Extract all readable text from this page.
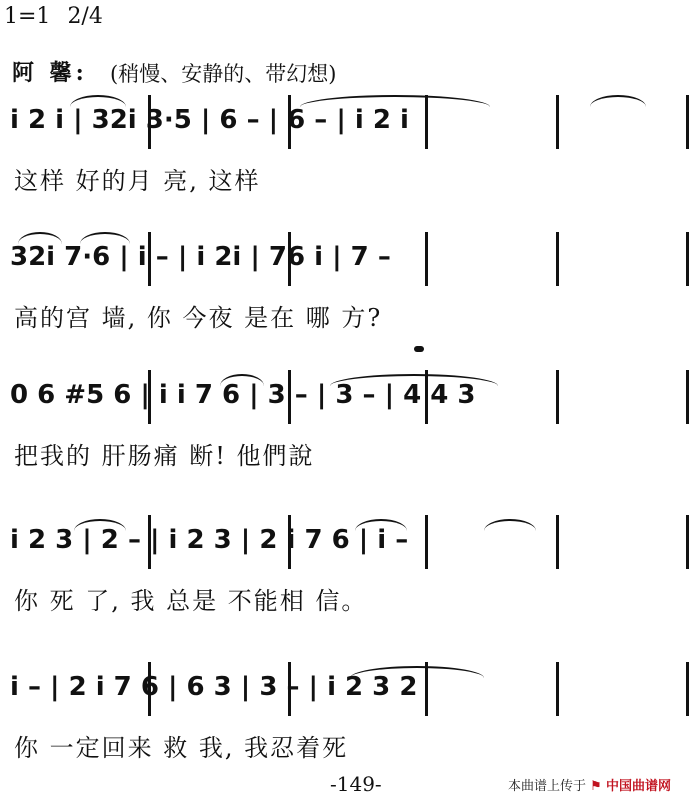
1=1 2/4
阿 馨: (稍慢、安静的、带幻想)
i 2 i | 32i 3·5 | 6 – | 6 – | i 2 i
这样 好的月 亮, 这样
32i 7·6 | i – | i 2i | 76 i | 7 –
高的宫 墙, 你 今夜 是在 哪 方?
0 6 #5 6 | i i 7 6 | 3 – | 3 – | 4 4 3
把我的 肝肠痛 断! 他們說
i 2 3 | 2 – | i 2 3 | 2 i 7 6 | i –
你 死 了, 我 总是 不能相 信。
i – | 2 i 7 6 | 6 3 | 3 – | i 2 3 2
你 一定回来 救 我, 我忍着死
-149-	本曲谱上传于 ⚑ 中国曲谱网
